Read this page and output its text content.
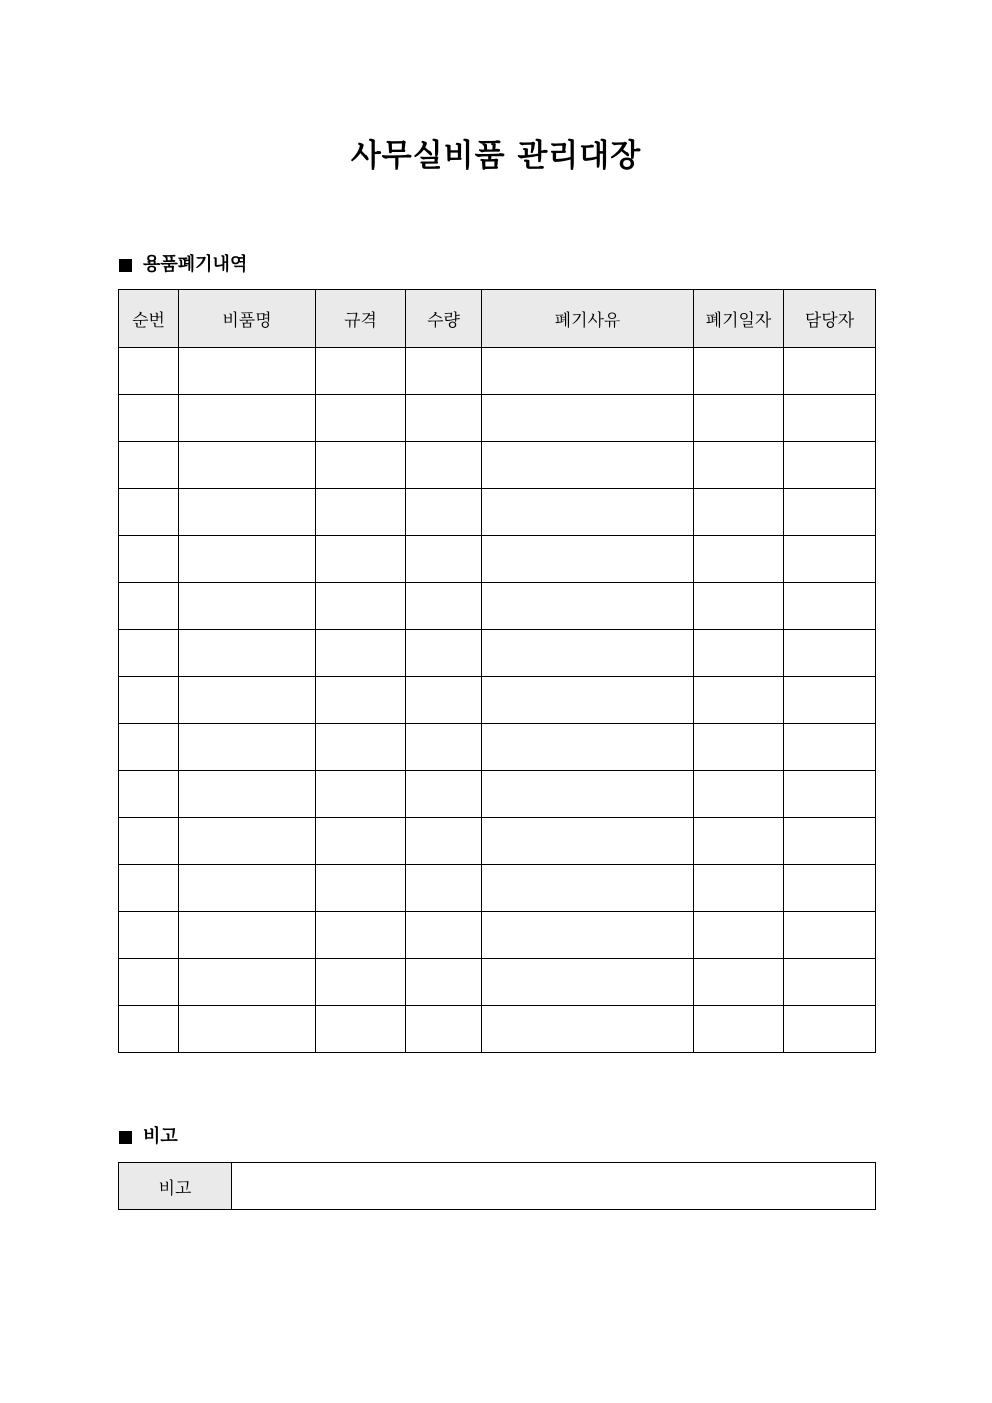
사무실비품 관리대장
용품폐기내역
순번	비품명	규격	수량	폐기사유	폐기일자	담당자

비고
비고	
